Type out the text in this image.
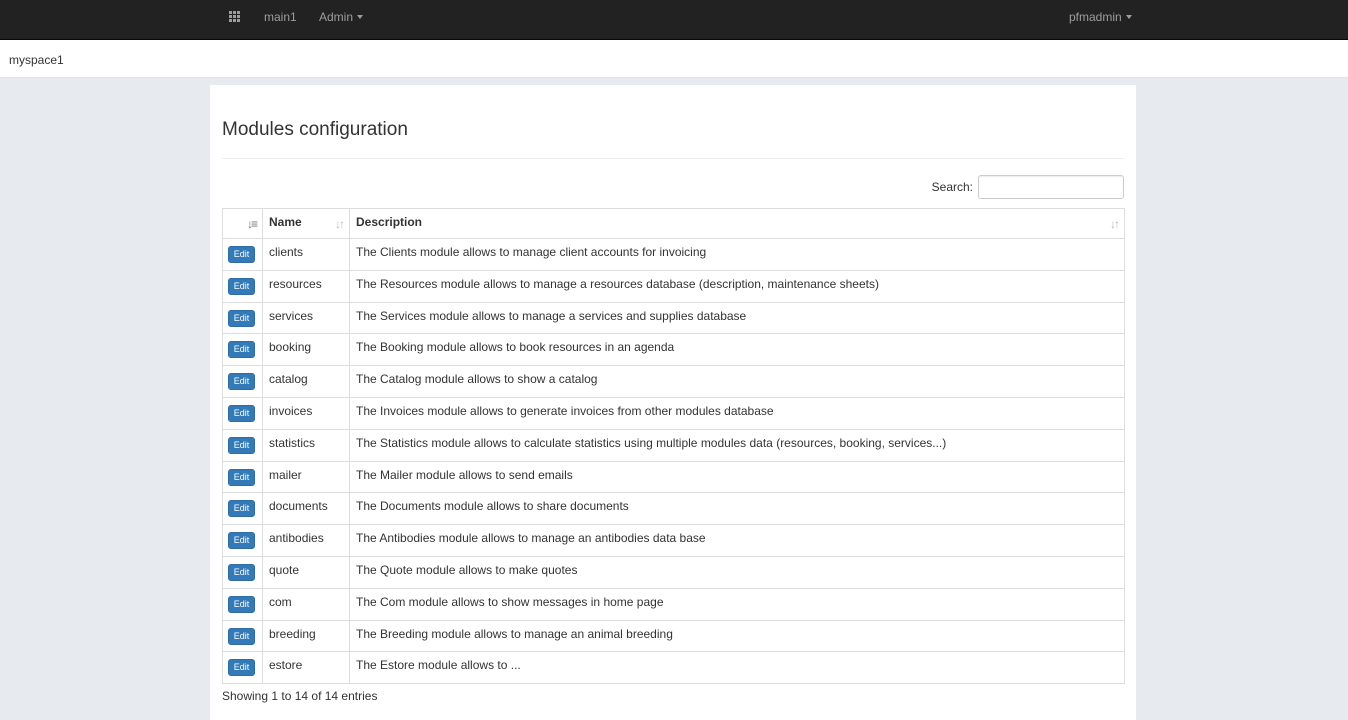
main1 Admin	pfmadmin
myspace1
Modules configuration
Search:
↓≡	Name ↓↑	Description ↓↑

Edit	clients	The Clients module allows to manage client accounts for invoicing
Edit	resources	The Resources module allows to manage a resources database (description, maintenance sheets)
Edit	services	The Services module allows to manage a services and supplies database
Edit	booking	The Booking module allows to book resources in an agenda
Edit	catalog	The Catalog module allows to show a catalog
Edit	invoices	The Invoices module allows to generate invoices from other modules database
Edit	statistics	The Statistics module allows to calculate statistics using multiple modules data (resources, booking, services...)
Edit	mailer	The Mailer module allows to send emails
Edit	documents	The Documents module allows to share documents
Edit	antibodies	The Antibodies module allows to manage an antibodies data base
Edit	quote	The Quote module allows to make quotes
Edit	com	The Com module allows to show messages in home page
Edit	breeding	The Breeding module allows to manage an animal breeding
Edit	estore	The Estore module allows to ...
Showing 1 to 14 of 14 entries
